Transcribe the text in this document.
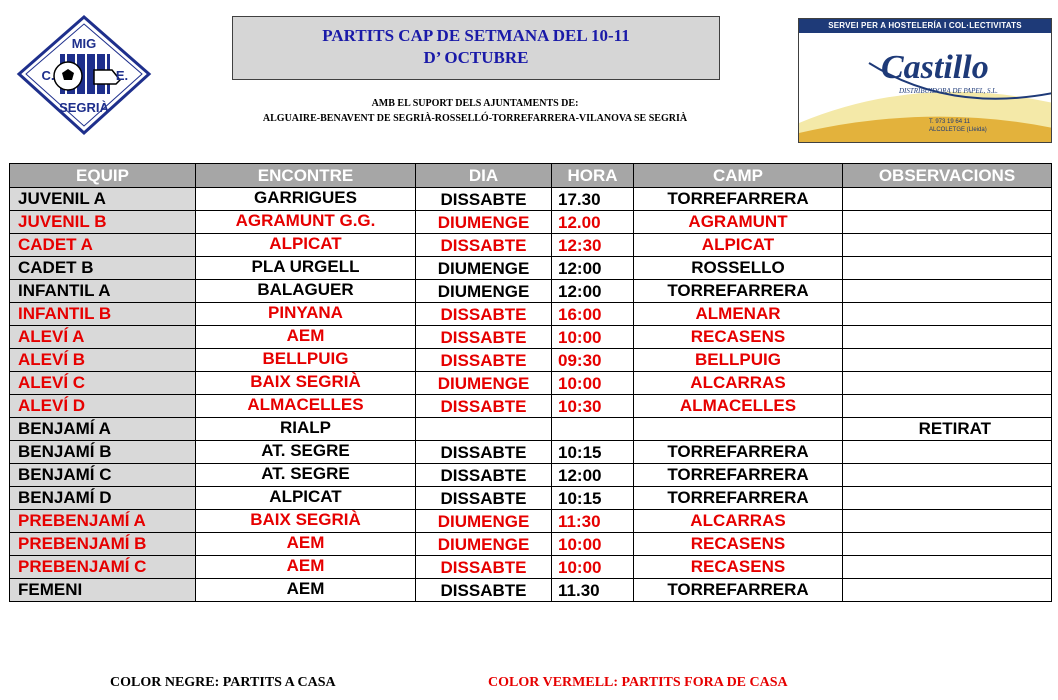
MIG
C.	E.
SEGRIÀ
PARTITS CAP DE SETMANA DEL 10-11
D’ OCTUBRE
AMB EL SUPORT DELS AJUNTAMENTS DE:
ALGUAIRE-BENAVENT DE SEGRIÀ-ROSSELLÓ-TORREFARRERA-VILANOVA SE SEGRIÀ
SERVEI PER A HOSTELERÍA I COL·LECTIVITATS
Castillo
DISTRIBUIDORA DE PAPEL, S.L.
T. 973 19 64 11
ALCOLETGE (Lleida)
EQUIP	ENCONTRE	DIA	HORA	CAMP	OBSERVACIONS
JUVENIL A	GARRIGUES	DISSABTE	17.30	TORREFARRERA	
JUVENIL B	AGRAMUNT G.G.	DIUMENGE	12.00	AGRAMUNT	
CADET A	ALPICAT	DISSABTE	12:30	ALPICAT	
CADET B	PLA URGELL	DIUMENGE	12:00	ROSSELLO	
INFANTIL A	BALAGUER	DIUMENGE	12:00	TORREFARRERA	
INFANTIL B	PINYANA	DISSABTE	16:00	ALMENAR	
ALEVÍ A	AEM	DISSABTE	10:00	RECASENS	
ALEVÍ B	BELLPUIG	DISSABTE	09:30	BELLPUIG	
ALEVÍ C	BAIX SEGRIÀ	DIUMENGE	10:00	ALCARRAS	
ALEVÍ D	ALMACELLES	DISSABTE	10:30	ALMACELLES	
BENJAMÍ A	RIALP				RETIRAT
BENJAMÍ B	AT. SEGRE	DISSABTE	10:15	TORREFARRERA	
BENJAMÍ C	AT. SEGRE	DISSABTE	12:00	TORREFARRERA	
BENJAMÍ D	ALPICAT	DISSABTE	10:15	TORREFARRERA	
PREBENJAMÍ A	BAIX SEGRIÀ	DIUMENGE	11:30	ALCARRAS	
PREBENJAMÍ B	AEM	DIUMENGE	10:00	RECASENS	
PREBENJAMÍ C	AEM	DISSABTE	10:00	RECASENS	
FEMENI	AEM	DISSABTE	11.30	TORREFARRERA	
COLOR NEGRE: PARTITS A CASA	COLOR VERMELL: PARTITS FORA DE CASA
